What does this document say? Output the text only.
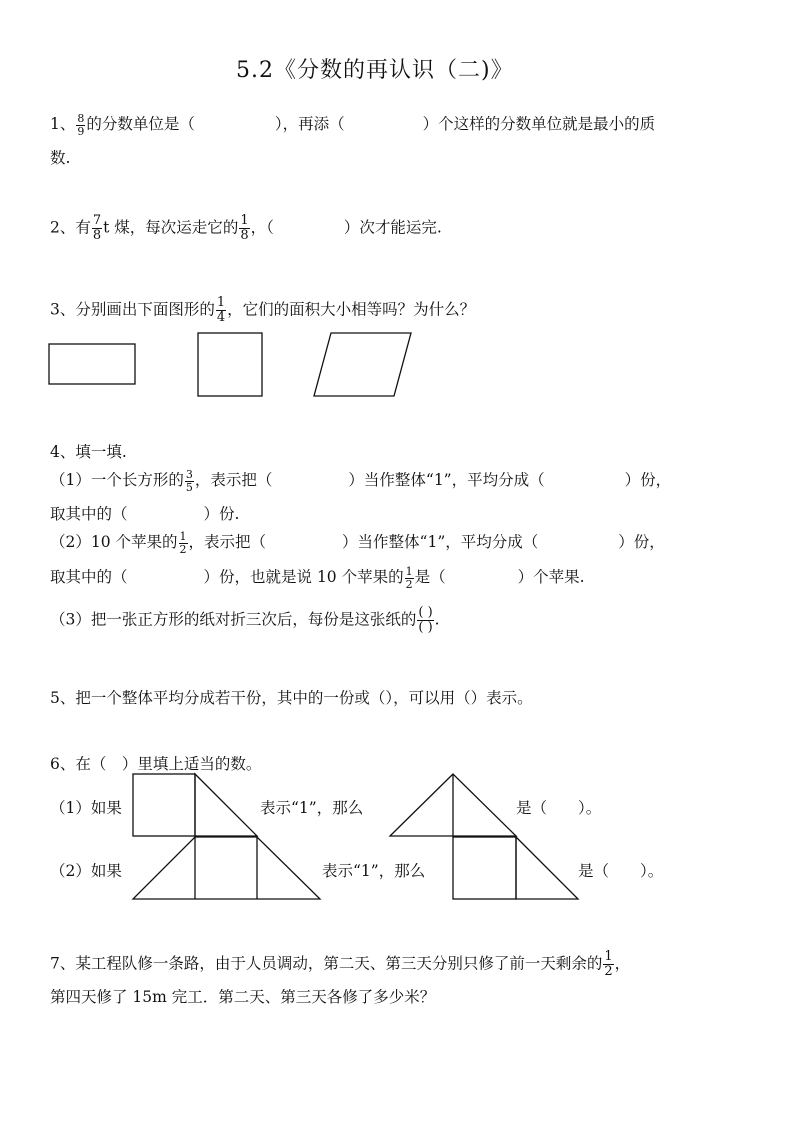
5.2《分数的再认识（二)》
1、 $\frac{8}{9}$ 的分数单位是（	），再添（	）个这样的分数单位就是最小的质
数.
2、有 $\frac{7}{8}$ t 煤，每次运走它的 $\frac{1}{8}$ ，（	）次才能运完.
3、分别画出下面图形的 $\frac{1}{4}$ ，它们的面积大小相等吗？为什么？
4、填一填.
（1）一个长方形的 $\frac{3}{5}$ ，表示把（	）当作整体“1”，平均分成（	）份，
取其中的（	）份.
（2）10 个苹果的 $\frac{1}{2}$ ，表示把（	）当作整体“1”，平均分成（	）份，
取其中的（	）份，也就是说 10 个苹果的 $\frac{1}{2}$ 是（	）个苹果.
（3）把一张正方形的纸对折三次后，每份是这张纸的 $\frac{( )}{( )}$ .
5、把一个整体平均分成若干份，其中的一份或（），可以用（）表示。
6、在（　）里填上适当的数。
（1）如果	表示“1”，那么	是（　　）。
（2）如果	表示“1”，那么	是（　　）。
7、某工程队修一条路，由于人员调动，第二天、第三天分别只修了前一天剩余的 $\frac{1}{2}$ ，
第四天修了 15m 完工．第二天、第三天各修了多少米？
